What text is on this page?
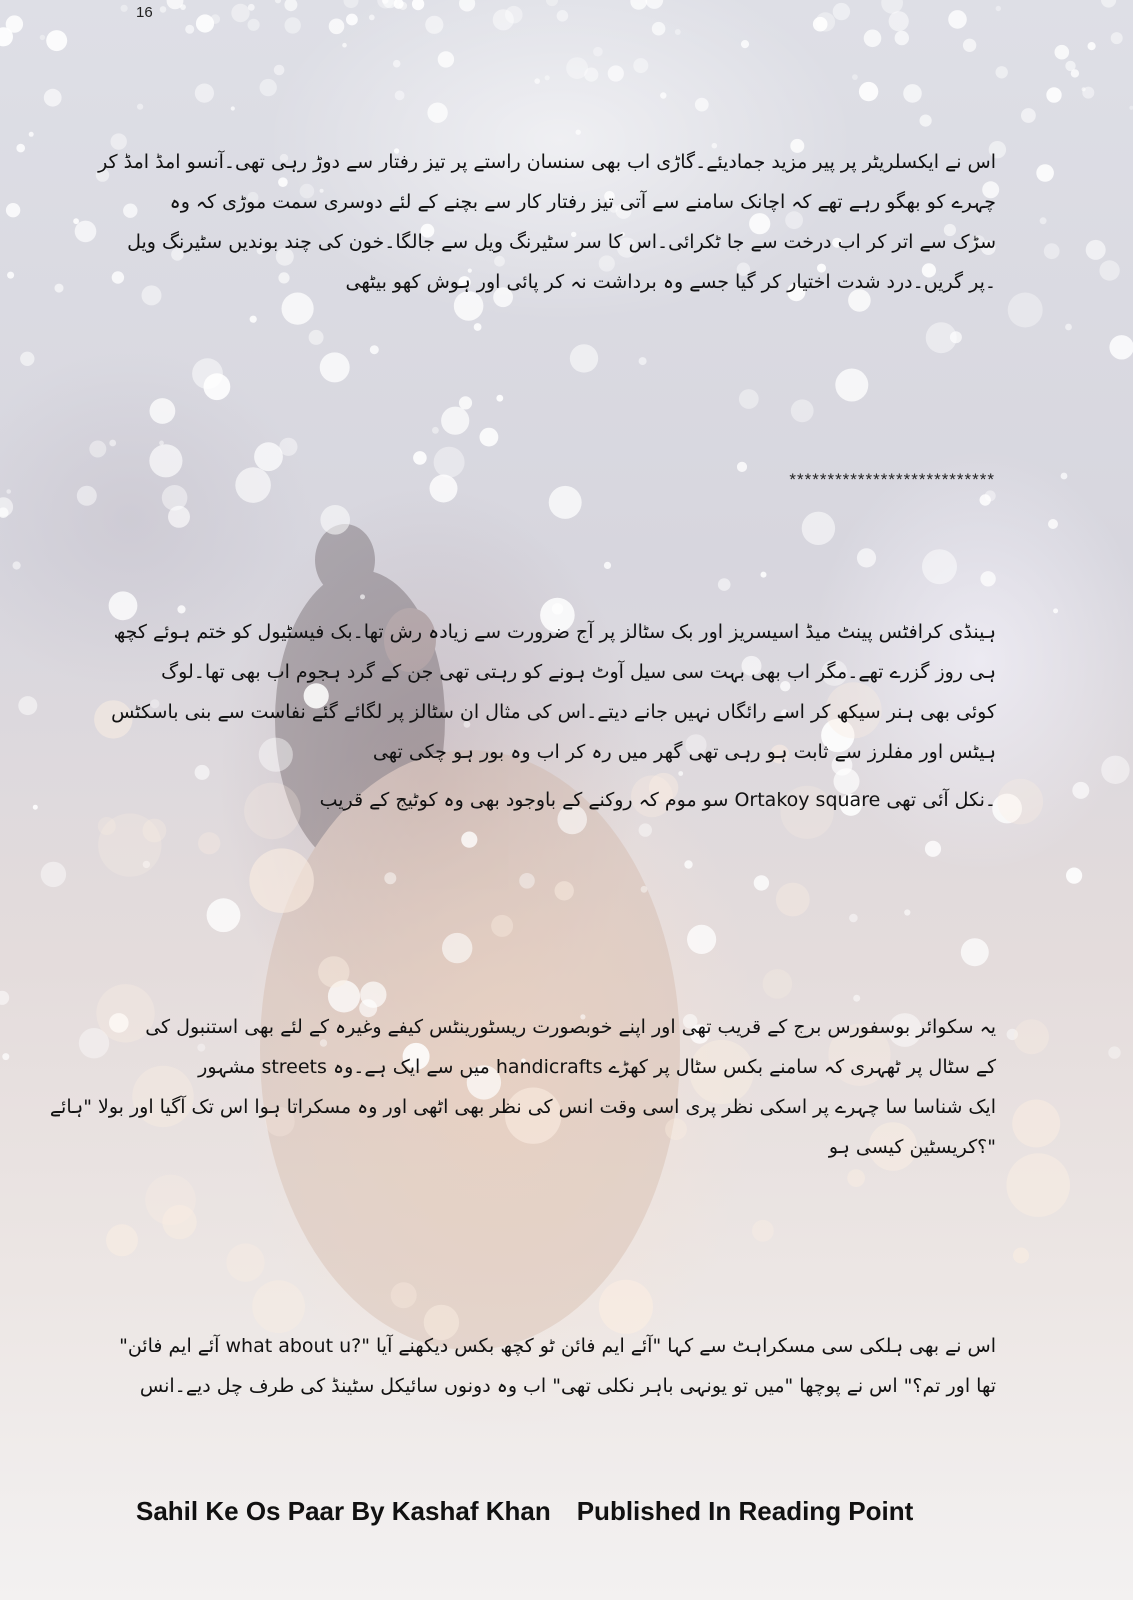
16
اس نے ایکسلریٹر پر پیر مزید جمادیئے۔گاڑی اب بھی سنسان راستے پر تیز رفتار سے دوڑ رہی تھی۔آنسو امڈ امڈ کر
چہرے کو بھگو رہے تھے کہ اچانک سامنے سے آتی تیز رفتار کار سے بچنے کے لئے دوسری سمت موڑی کہ وہ
سڑک سے اتر کر اب درخت سے جا ٹکرائی۔اس کا سر سٹیرنگ ویل سے جالگا۔خون کی چند بوندیں سٹیرنگ ویل
۔پر گریں۔درد شدت اختیار کر گیا جسے وہ برداشت نہ کر پائی اور ہوش کھو بیٹھی
***************************
ہینڈی کرافٹس پینٹ میڈ اسیسریز اور بک سٹالز پر آج ضرورت سے زیادہ رش تھا۔بک فیسٹیول کو ختم ہوئے کچھ
ہی روز گزرے تھے۔مگر اب بھی بہت سی سیل آوٹ ہونے کو رہتی تھی جن کے گرد ہجوم اب بھی تھا۔لوگ
کوئی بھی ہنر سیکھ کر اسے رائگاں نہیں جانے دیتے۔اس کی مثال ان سٹالز پر لگائے گئے نفاست سے بنی باسکٹس
ہیٹس اور مفلرز سے ثابت ہو رہی تھی گھر میں رہ کر اب وہ بور ہو چکی تھی
۔نکل آئی تھی Ortakoy square سو موم کہ روکنے کے باوجود بھی وہ کوٹیج کے قریب
یہ سکوائر بوسفورس برج کے قریب تھی اور اپنے خوبصورت ریسٹورینٹس کیفے وغیرہ کے لئے بھی استنبول کی
کے سٹال پر ٹھہری کہ سامنے بکس سٹال پر کھڑے handicrafts میں سے ایک ہے۔وہ streets مشہور
ایک شناسا سا چہرے پر اسکی نظر پری اسی وقت انس کی نظر بھی اٹھی اور وہ مسکراتا ہوا اس تک آگیا اور بولا "ہائے
"؟کریسٹین کیسی ہو
اس نے بھی ہلکی سی مسکراہٹ سے کہا "آئے ایم فائن ٹو کچھ بکس دیکھنے آیا "?what about u آئے ایم فائن"
تھا اور تم؟" اس نے پوچھا "میں تو یونہی باہر نکلی تھی" اب وہ دونوں سائیکل سٹینڈ کی طرف چل دیے۔انس
Sahil Ke Os Paar By Kashaf Khan Published In Reading Point
